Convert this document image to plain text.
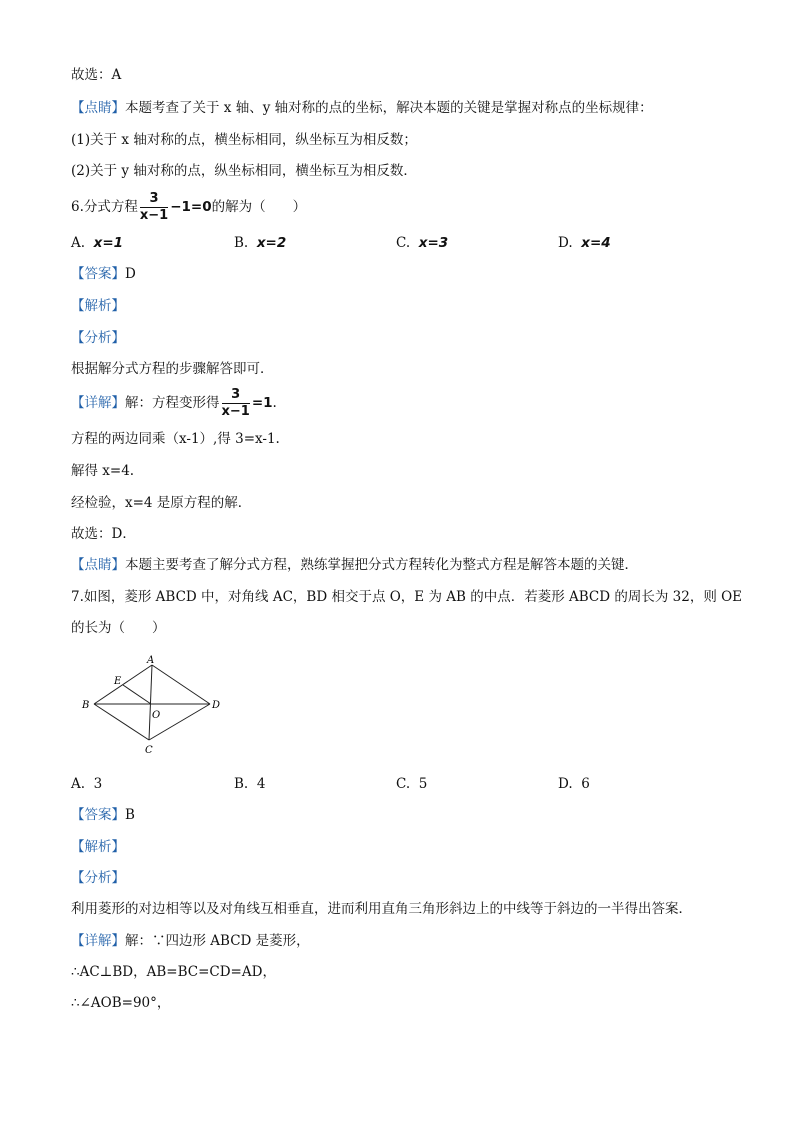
故选：A
【点睛】本题考查了关于 x 轴、y 轴对称的点的坐标，解决本题的关键是掌握对称点的坐标规律：
(1)关于 x 轴对称的点，横坐标相同，纵坐标互为相反数；
(2)关于 y 轴对称的点，纵坐标相同，横坐标互为相反数．
6.分式方程 $\frac{3}{x-1} -1=0$的解为（　　）
A. x=1	B. x=2	C. x=3	D. x=4
【答案】D
【解析】
【分析】
根据解分式方程的步骤解答即可．
【详解】解：方程变形得 $\frac{3}{x-1} =1$.
方程的两边同乘（x-1）,得 3=x-1.
解得 x=4.
经检验，x=4 是原方程的解．
故选：D．
【点睛】本题主要考查了解分式方程，熟练掌握把分式方程转化为整式方程是解答本题的关键．
7.如图，菱形 ABCD 中，对角线 AC，BD 相交于点 O，E 为 AB 的中点．若菱形 ABCD 的周长为 32，则 OE
的长为（　　）
A
B
C
D
E
O
A. 3	B. 4	C. 5	D. 6
【答案】B
【解析】
【分析】
利用菱形的对边相等以及对角线互相垂直，进而利用直角三角形斜边上的中线等于斜边的一半得出答案．
【详解】解：∵四边形 ABCD 是菱形，
∴AC⊥BD，AB=BC=CD=AD，
∴∠AOB=90°，
